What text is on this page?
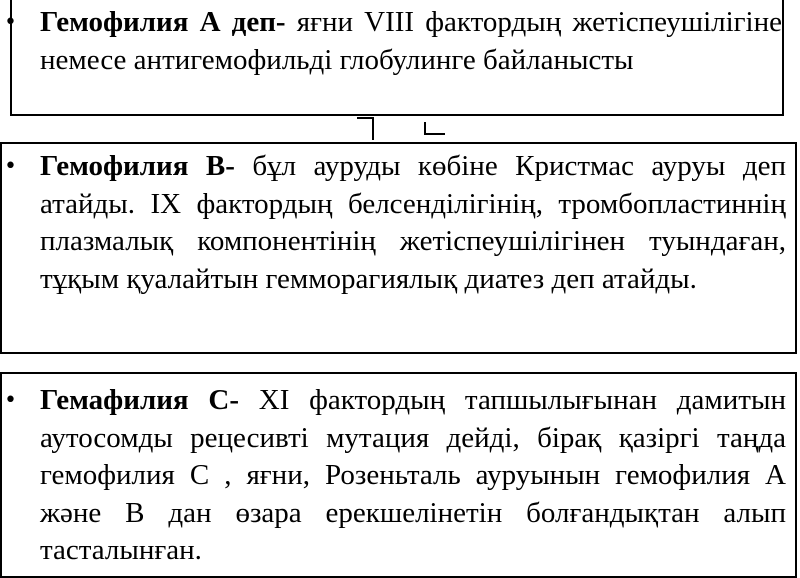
• Гемофилия А деп- яғни VIII фактордың жетіспеушілігіне немесе антигемофильді глобулинге байланысты

• Гемофилия В- бұл ауруды көбіне Кристмас ауруы деп атайды. IX фактордың белсенділігінің, тромбопластиннің плазмалық компонентінің жетіспеушілігінен туындаған, тұқым қуалайтын гемморагиялық диатез деп атайды.

• Гемафилия С- XI фактордың тапшылығынан дамитын аутосомды рецесивті мутация дейді, бірақ қазіргі таңда гемофилия С , яғни, Розеньталь ауруынын гемофилия А және В дан өзара ерекшелінетін болғандықтан алып тасталынған.
